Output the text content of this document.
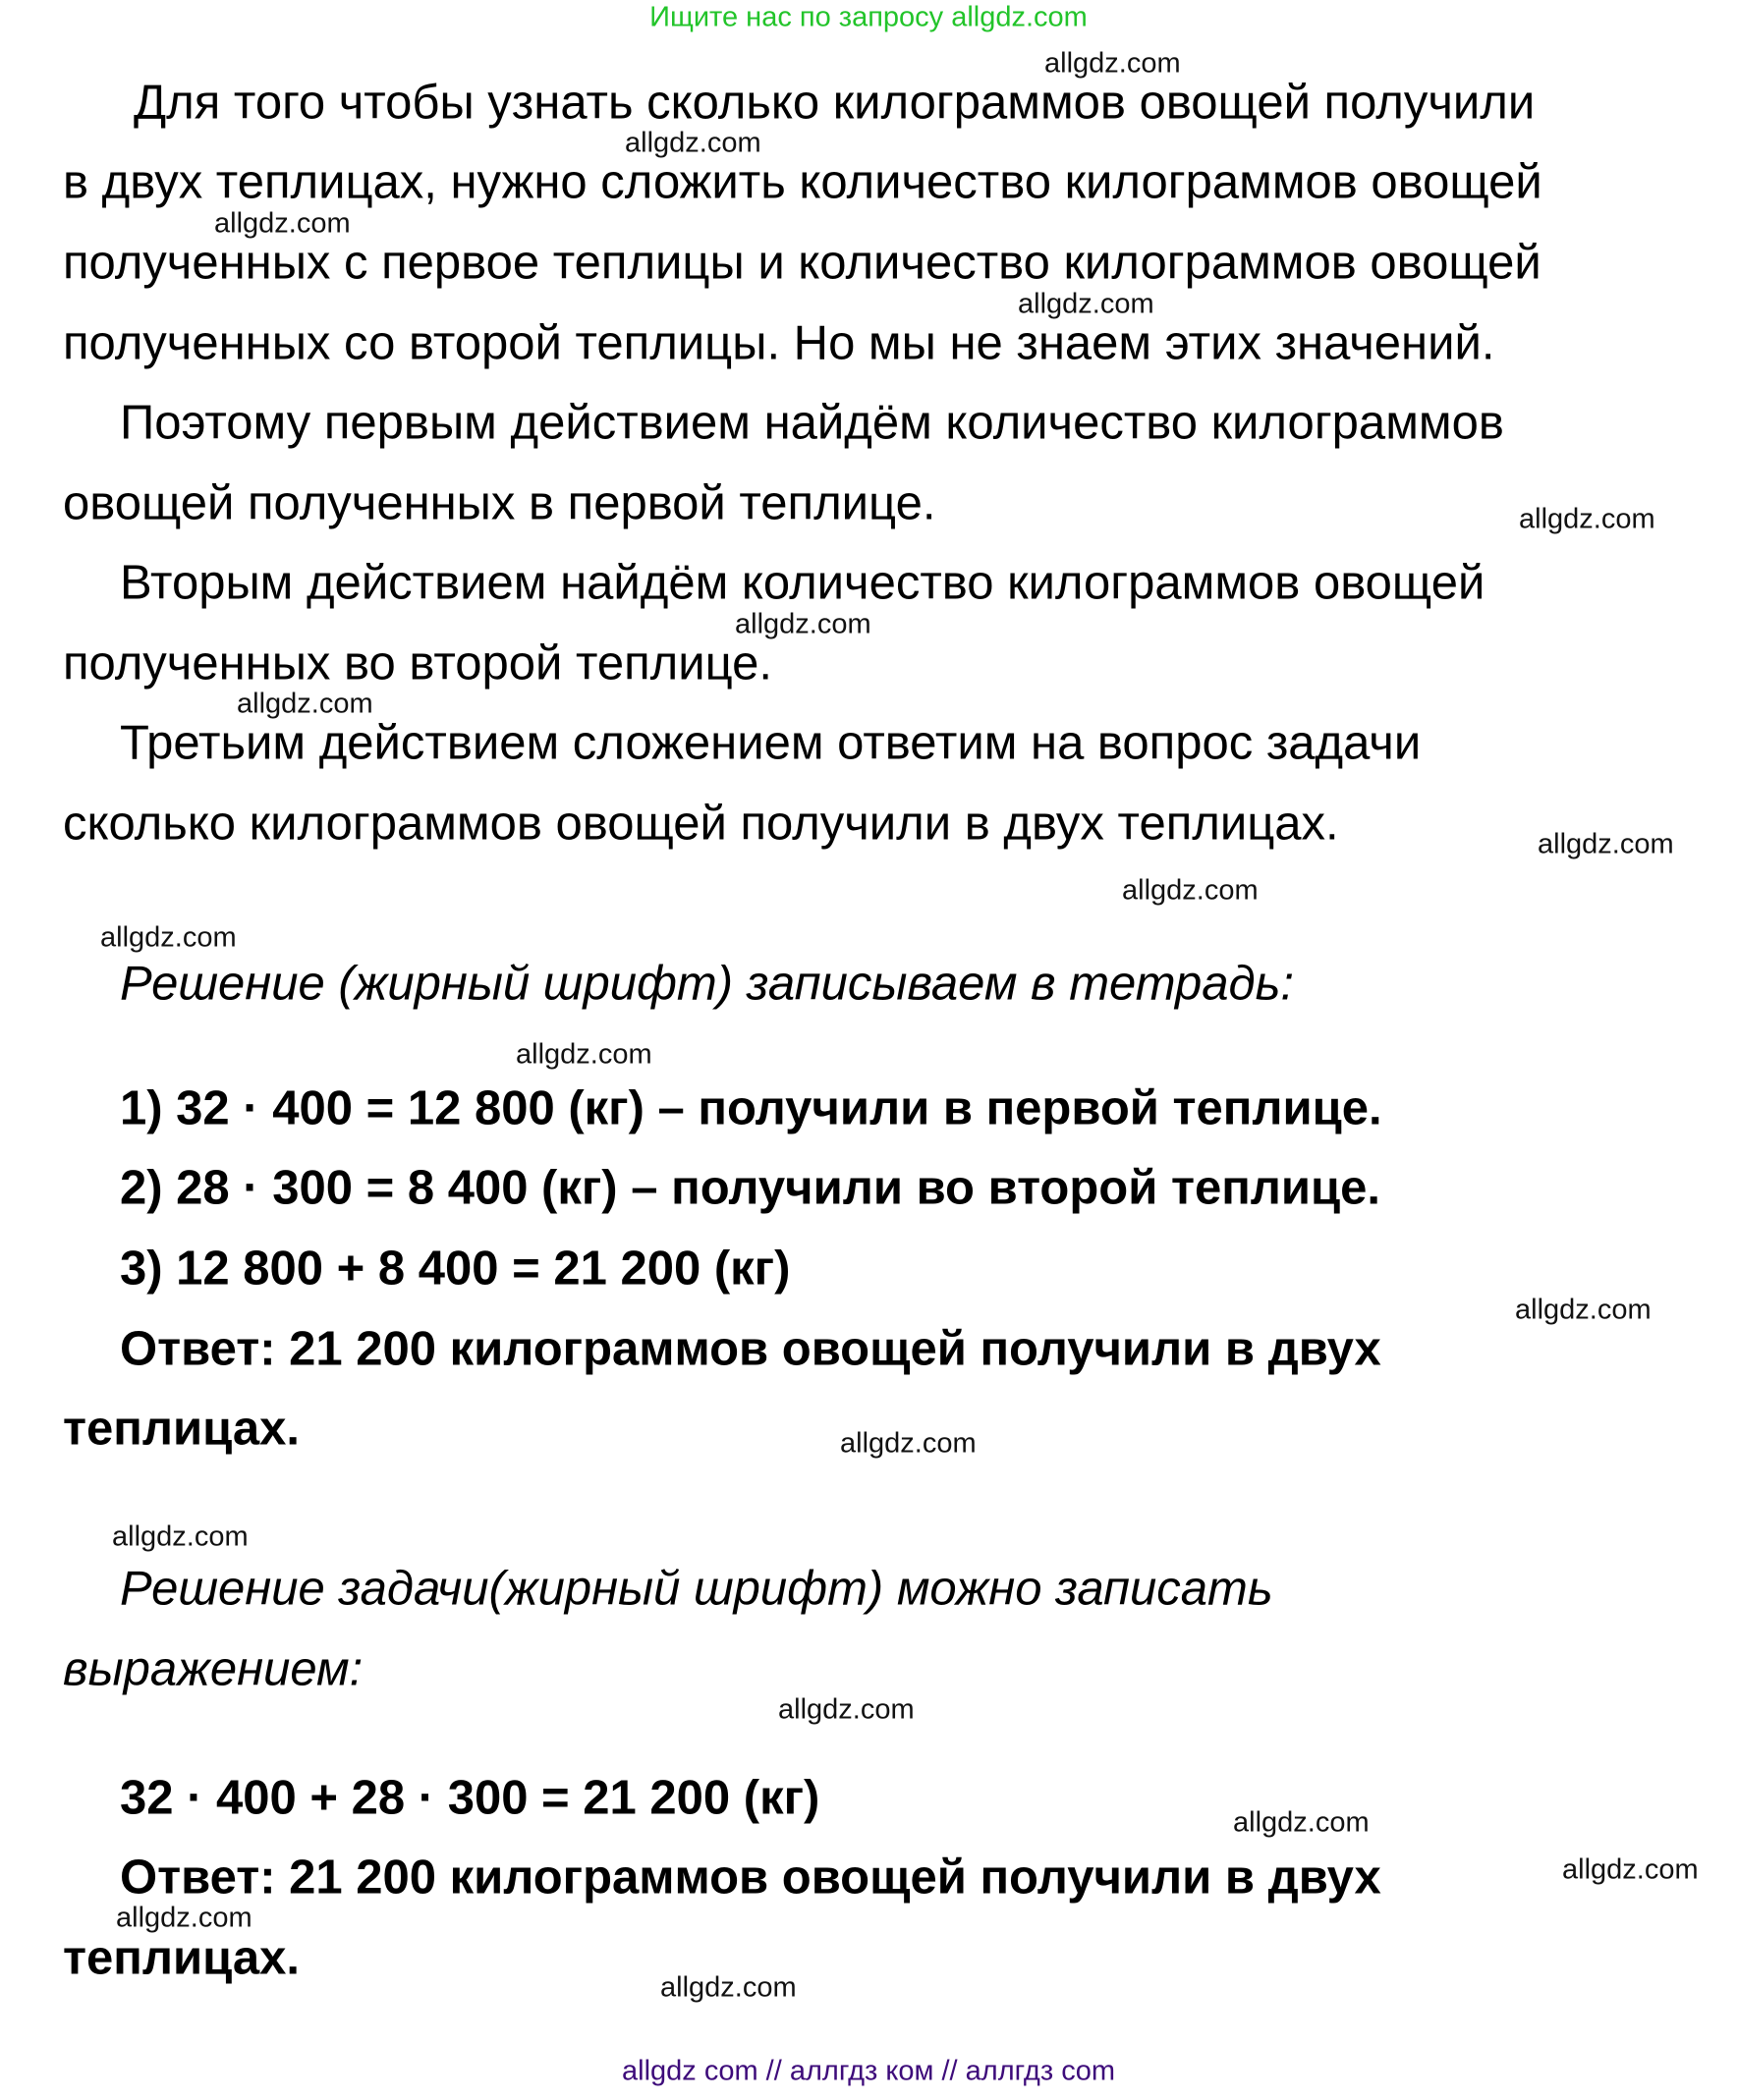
Ищите нас по запросу allgdz.com
Для того чтобы узнать сколько килограммов овощей получили
в двух теплицах, нужно сложить количество килограммов овощей
полученных с первое теплицы и количество килограммов овощей
полученных со второй теплицы. Но мы не знаем этих значений.
Поэтому первым действием найдём количество килограммов
овощей полученных в первой теплице.
Вторым действием найдём количество килограммов овощей
полученных во второй теплице.
Третьим действием сложением ответим на вопрос задачи
сколько килограммов овощей получили в двух теплицах.
Решение (жирный шрифт) записываем в тетрадь:
1) 32 · 400 = 12 800 (кг) – получили в первой теплице.
2) 28 · 300 = 8 400 (кг) – получили во второй теплице.
3) 12 800 + 8 400 = 21 200 (кг)
Ответ: 21 200 килограммов овощей получили в двух
теплицах.
Решение задачи(жирный шрифт) можно записать
выражением:
32 · 400 + 28 · 300 = 21 200 (кг)
Ответ: 21 200 килограммов овощей получили в двух
теплицах.
allgdz.com
allgdz.com
allgdz.com
allgdz.com
allgdz.com
allgdz.com
allgdz.com
allgdz.com
allgdz.com
allgdz.com
allgdz.com
allgdz.com
allgdz.com
allgdz.com
allgdz.com
allgdz.com
allgdz.com
allgdz.com
allgdz.com
allgdz com // аллгдз ком // аллгдз com
